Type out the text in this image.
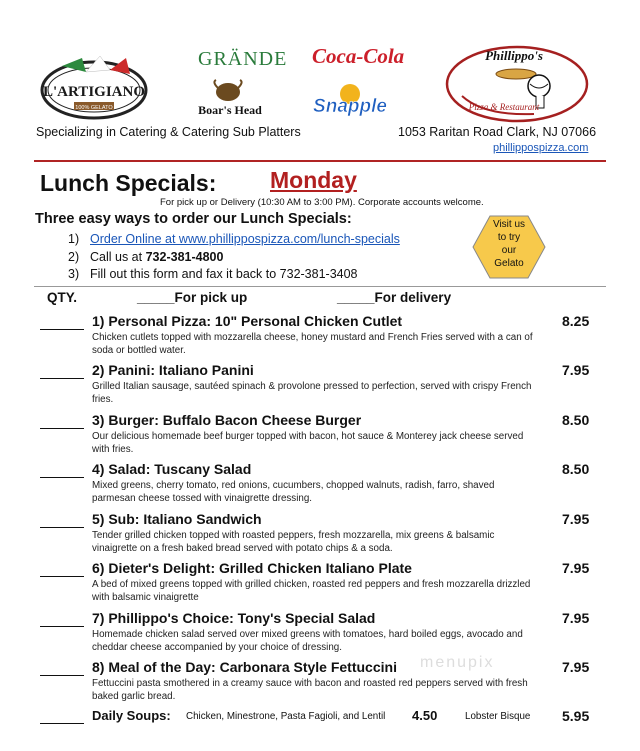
L'ARTIGIANO
100% GELATO
GRÄNDE
Boar's Head
Coca-Cola
Snapple
Phillippo's
Pizza & Restaurant
Specializing in Catering & Catering Sub Platters	1053 Raritan Road Clark, NJ 07066
phillippospizza.com
Lunch Specials: Monday
For pick up or Delivery (10:30 AM to 3:00 PM). Corporate accounts welcome.
Three easy ways to order our Lunch Specials:
1) Order Online at www.phillippospizza.com/lunch-specials
2) Call us at 732-381-4800
3) Fill out this form and fax it back to 732-381-3408
Visit us
to try
our
Gelato
QTY.	_____For pick up	_____For delivery
1) Personal Pizza: 10" Personal Chicken Cutlet	8.25
Chicken cutlets topped with mozzarella cheese, honey mustard and French Fries served with a can of soda or bottled water.
2) Panini: Italiano Panini	7.95
Grilled Italian sausage, sautéed spinach & provolone pressed to perfection, served with crispy French fries.
3) Burger: Buffalo Bacon Cheese Burger	8.50
Our delicious homemade beef burger topped with bacon, hot sauce & Monterey jack cheese served with fries.
4) Salad: Tuscany Salad	8.50
Mixed greens, cherry tomato, red onions, cucumbers, chopped walnuts, radish, farro, shaved parmesan cheese tossed with vinaigrette dressing.
5) Sub: Italiano Sandwich	7.95
Tender grilled chicken topped with roasted peppers, fresh mozzarella, mix greens & balsamic vinaigrette on a fresh baked bread served with potato chips & a soda.
6) Dieter's Delight: Grilled Chicken Italiano Plate	7.95
A bed of mixed greens topped with grilled chicken, roasted red peppers and fresh mozzarella drizzled with balsamic vinaigrette
7) Phillippo's Choice: Tony's Special Salad	7.95
Homemade chicken salad served over mixed greens with tomatoes, hard boiled eggs, avocado and cheddar cheese accompanied by your choice of dressing.
8) Meal of the Day: Carbonara Style Fettuccini	7.95
Fettuccini pasta smothered in a creamy sauce with bacon and roasted red peppers served with fresh baked garlic bread.
menupix
Daily Soups: Chicken, Minestrone, Pasta Fagioli, and Lentil 4.50	Lobster Bisque 5.95
